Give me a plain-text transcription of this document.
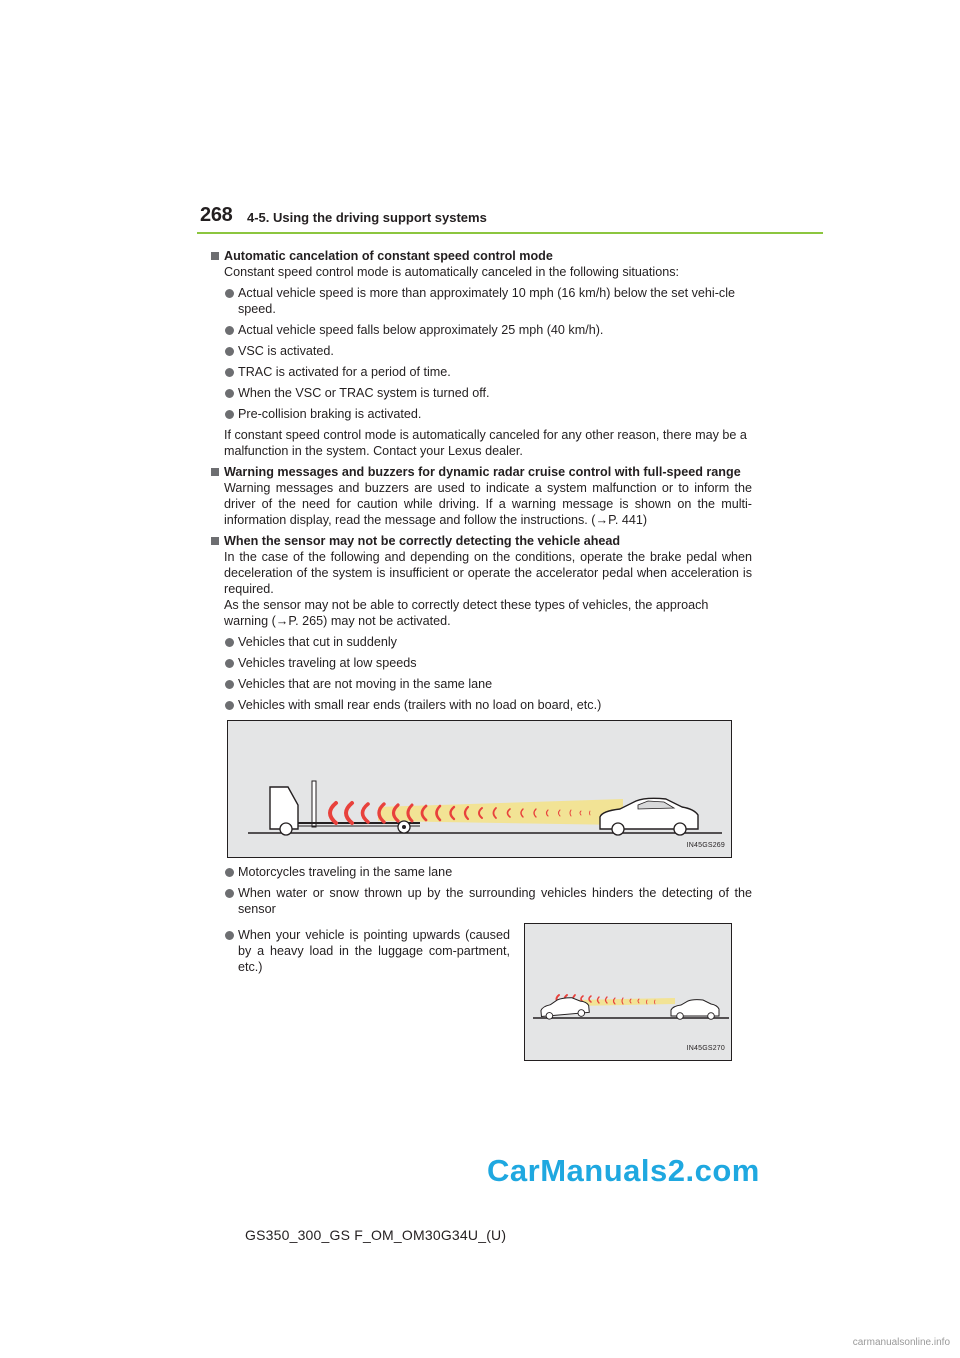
268 4-5. Using the driving support systems
Automatic cancelation of constant speed control mode
Constant speed control mode is automatically canceled in the following situations:
Actual vehicle speed is more than approximately 10 mph (16 km/h) below the set vehi-cle speed.
Actual vehicle speed falls below approximately 25 mph (40 km/h).
VSC is activated.
TRAC is activated for a period of time.
When the VSC or TRAC system is turned off.
Pre-collision braking is activated.
If constant speed control mode is automatically canceled for any other reason, there may be a malfunction in the system. Contact your Lexus dealer.
Warning messages and buzzers for dynamic radar cruise control with full-speed range
Warning messages and buzzers are used to indicate a system malfunction or to inform the driver of the need for caution while driving. If a warning message is shown on the multi-information display, read the message and follow the instructions. (→P. 441)
When the sensor may not be correctly detecting the vehicle ahead
In the case of the following and depending on the conditions, operate the brake pedal when deceleration of the system is insufficient or operate the accelerator pedal when acceleration is required.
As the sensor may not be able to correctly detect these types of vehicles, the approach warning (→P. 265) may not be activated.
Vehicles that cut in suddenly
Vehicles traveling at low speeds
Vehicles that are not moving in the same lane
Vehicles with small rear ends (trailers with no load on board, etc.)
IN45GS269
Motorcycles traveling in the same lane
When water or snow thrown up by the surrounding vehicles hinders the detecting of the sensor
When your vehicle is pointing upwards (caused by a heavy load in the luggage com-partment, etc.)
IN45GS270
CarManuals2.com
GS350_300_GS F_OM_OM30G34U_(U)
carmanualsonline.info
